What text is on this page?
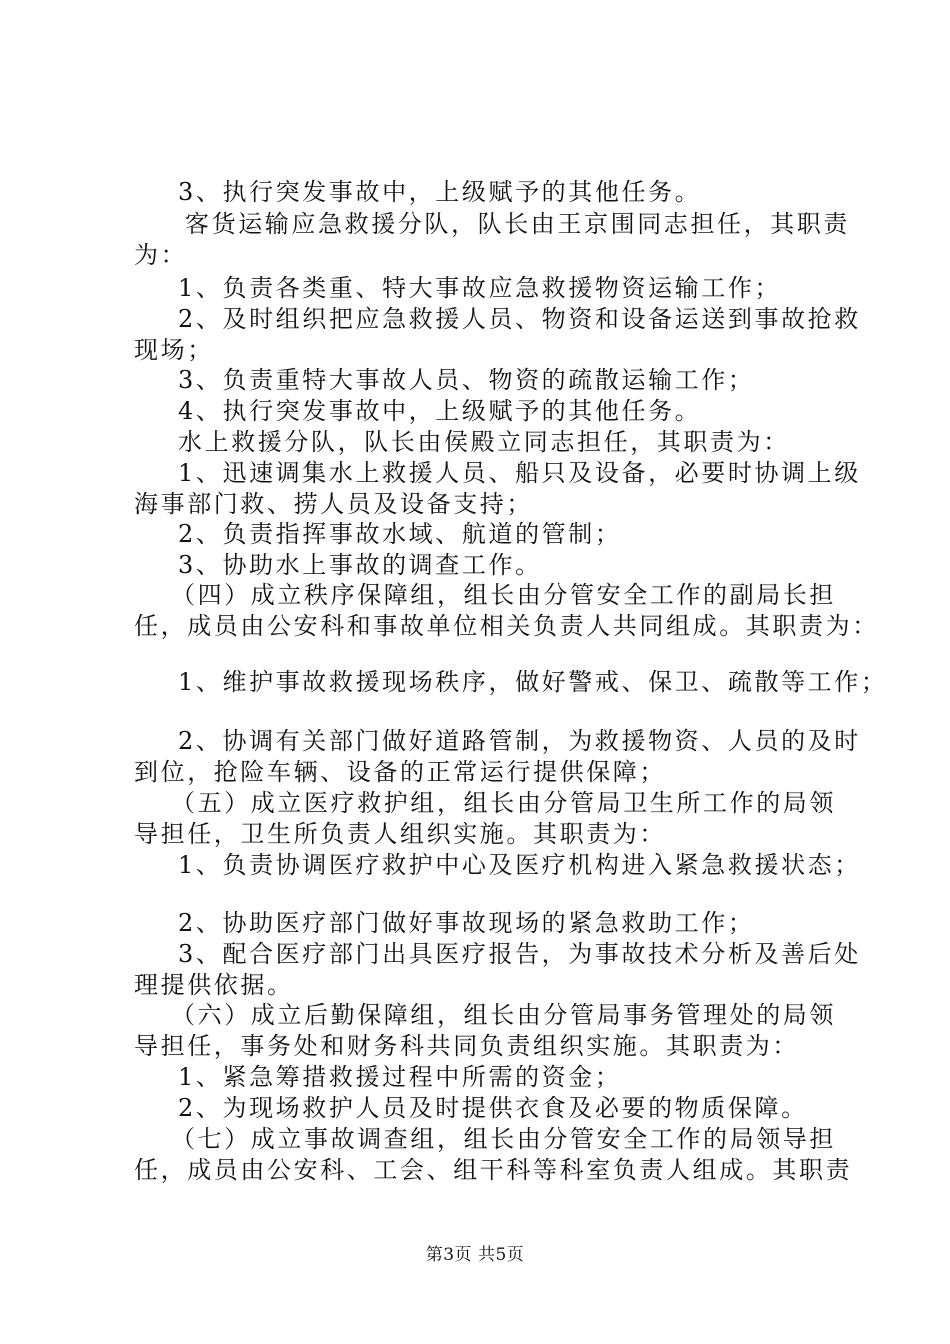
3、执行突发事故中，上级赋予的其他任务。
客货运输应急救援分队，队长由王京围同志担任，其职责
为：
1、负责各类重、特大事故应急救援物资运输工作；
2、及时组织把应急救援人员、物资和设备运送到事故抢救
现场；
3、负责重特大事故人员、物资的疏散运输工作；
4、执行突发事故中，上级赋予的其他任务。
水上救援分队，队长由侯殿立同志担任，其职责为：
1、迅速调集水上救援人员、船只及设备，必要时协调上级
海事部门救、捞人员及设备支持；
2、负责指挥事故水域、航道的管制；
3、协助水上事故的调查工作。
（四）成立秩序保障组，组长由分管安全工作的副局长担
任，成员由公安科和事故单位相关负责人共同组成。其职责为：
1、维护事故救援现场秩序，做好警戒、保卫、疏散等工作；
2、协调有关部门做好道路管制，为救援物资、人员的及时
到位，抢险车辆、设备的正常运行提供保障；
（五）成立医疗救护组，组长由分管局卫生所工作的局领
导担任，卫生所负责人组织实施。其职责为：
1、负责协调医疗救护中心及医疗机构进入紧急救援状态；
2、协助医疗部门做好事故现场的紧急救助工作；
3、配合医疗部门出具医疗报告，为事故技术分析及善后处
理提供依据。
（六）成立后勤保障组，组长由分管局事务管理处的局领
导担任，事务处和财务科共同负责组织实施。其职责为：
1、紧急筹措救援过程中所需的资金；
2、为现场救护人员及时提供衣食及必要的物质保障。
（七）成立事故调查组，组长由分管安全工作的局领导担
任，成员由公安科、工会、组干科等科室负责人组成。其职责
第3页 共5页
